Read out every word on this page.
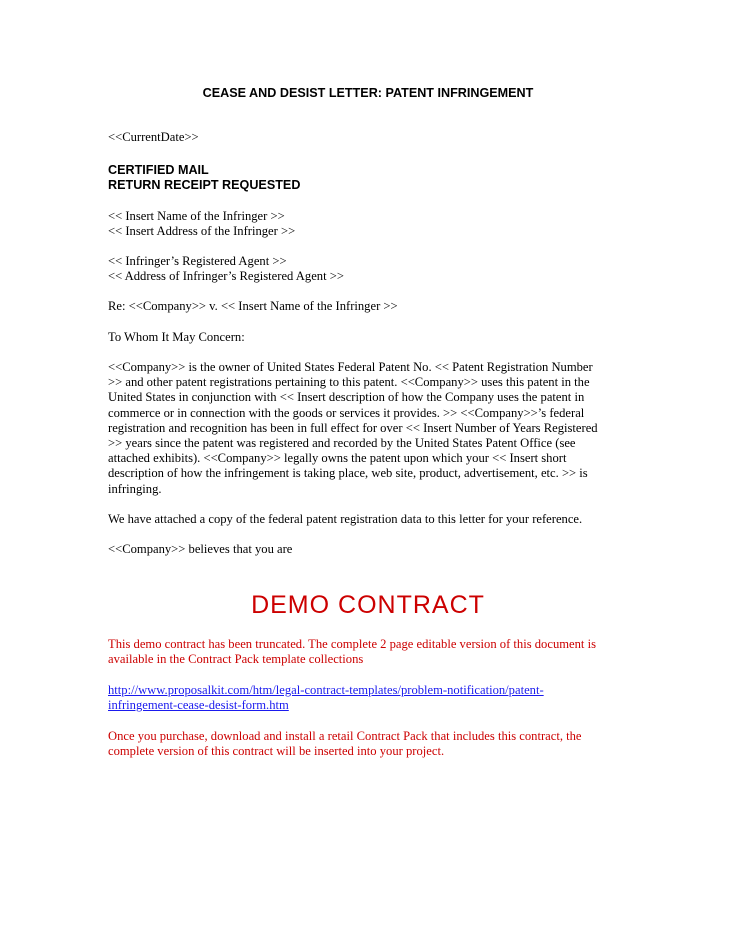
CEASE AND DESIST LETTER: PATENT INFRINGEMENT
<<CurrentDate>>
CERTIFIED MAIL
RETURN RECEIPT REQUESTED
<< Insert Name of the Infringer >>
<< Insert Address of the Infringer >>
<< Infringer’s Registered Agent >>
<< Address of Infringer’s Registered Agent >>
Re: <<Company>> v. << Insert Name of the Infringer >>
To Whom It May Concern:
<<Company>> is the owner of United States Federal Patent No. << Patent Registration Number
>> and other patent registrations pertaining to this patent. <<Company>> uses this patent in the
United States in conjunction with << Insert description of how the Company uses the patent in
commerce or in connection with the goods or services it provides. >> <<Company>>’s federal
registration and recognition has been in full effect for over << Insert Number of Years Registered
>> years since the patent was registered and recorded by the United States Patent Office (see
attached exhibits). <<Company>> legally owns the patent upon which your << Insert short
description of how the infringement is taking place, web site, product, advertisement, etc. >> is
infringing.
We have attached a copy of the federal patent registration data to this letter for your reference.
<<Company>> believes that you are
DEMO CONTRACT
This demo contract has been truncated. The complete 2 page editable version of this document is
available in the Contract Pack template collections
http://www.proposalkit.com/htm/legal-contract-templates/problem-notification/patent-
infringement-cease-desist-form.htm
Once you purchase, download and install a retail Contract Pack that includes this contract, the
complete version of this contract will be inserted into your project.
